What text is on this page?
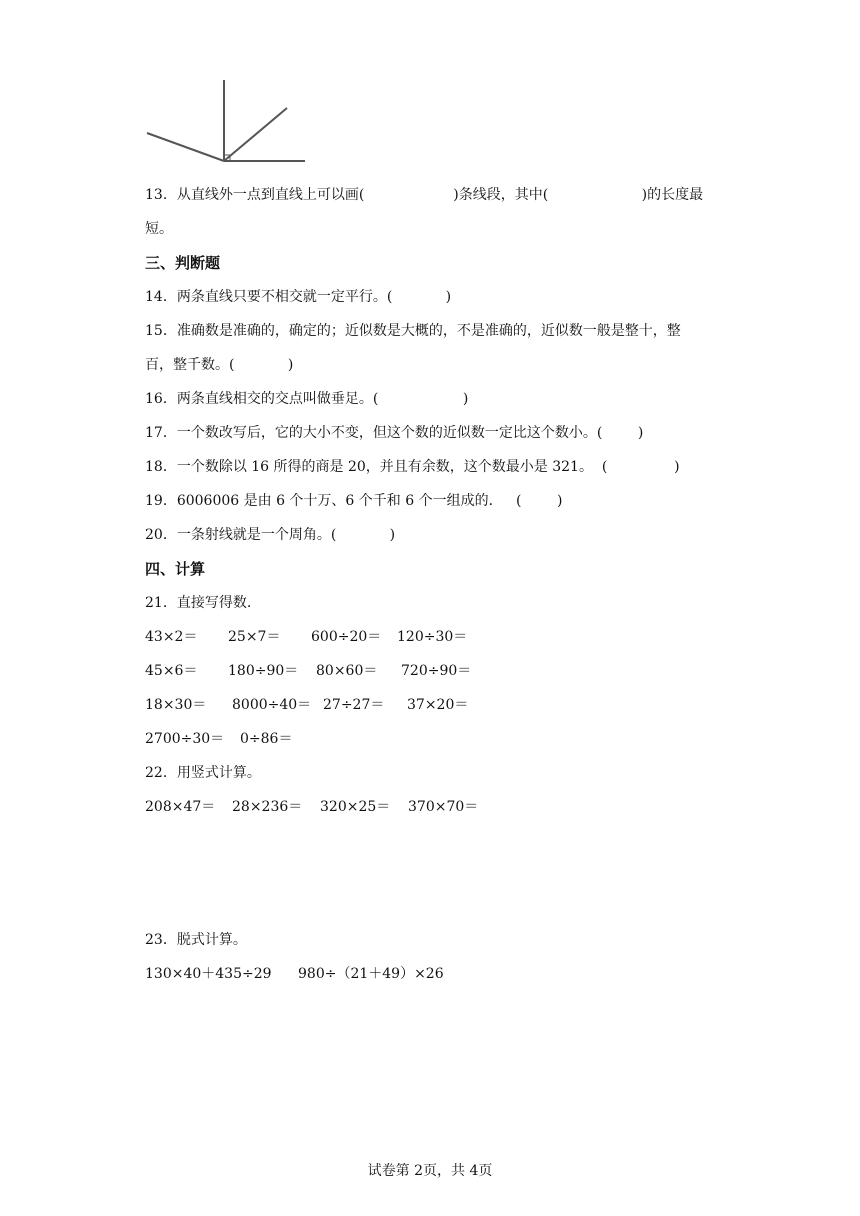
13．从直线外一点到直线上可以画(                    )条线段，其中(                     )的长度最
短。
三、判断题
14．两条直线只要不相交就一定平行。(            )
15．准确数是准确的，确定的；近似数是大概的，不是准确的，近似数一般是整十，整
百，整千数。(            )
16．两条直线相交的交点叫做垂足。(                   )
17．一个数改写后，它的大小不变，但这个数的近似数一定比这个数小。(        )
18．一个数除以 16 所得的商是 20，并且有余数，这个数最小是 321。  (               )
19．6006006 是由 6 个十万、6 个千和 6 个一组成的．   (        )
20．一条射线就是一个周角。(            )
四、计算
21．直接写得数.
43×2＝ 25×7＝ 600÷20＝ 120÷30＝
45×6＝ 180÷90＝ 80×60＝ 720÷90＝
18×30＝ 8000÷40＝ 27÷27＝ 37×20＝
2700÷30＝ 0÷86＝
22．用竖式计算。
208×47＝ 28×236＝ 320×25＝ 370×70＝
23．脱式计算。
130×40＋435÷29 980÷（21＋49）×26
试卷第 2页，共 4页
